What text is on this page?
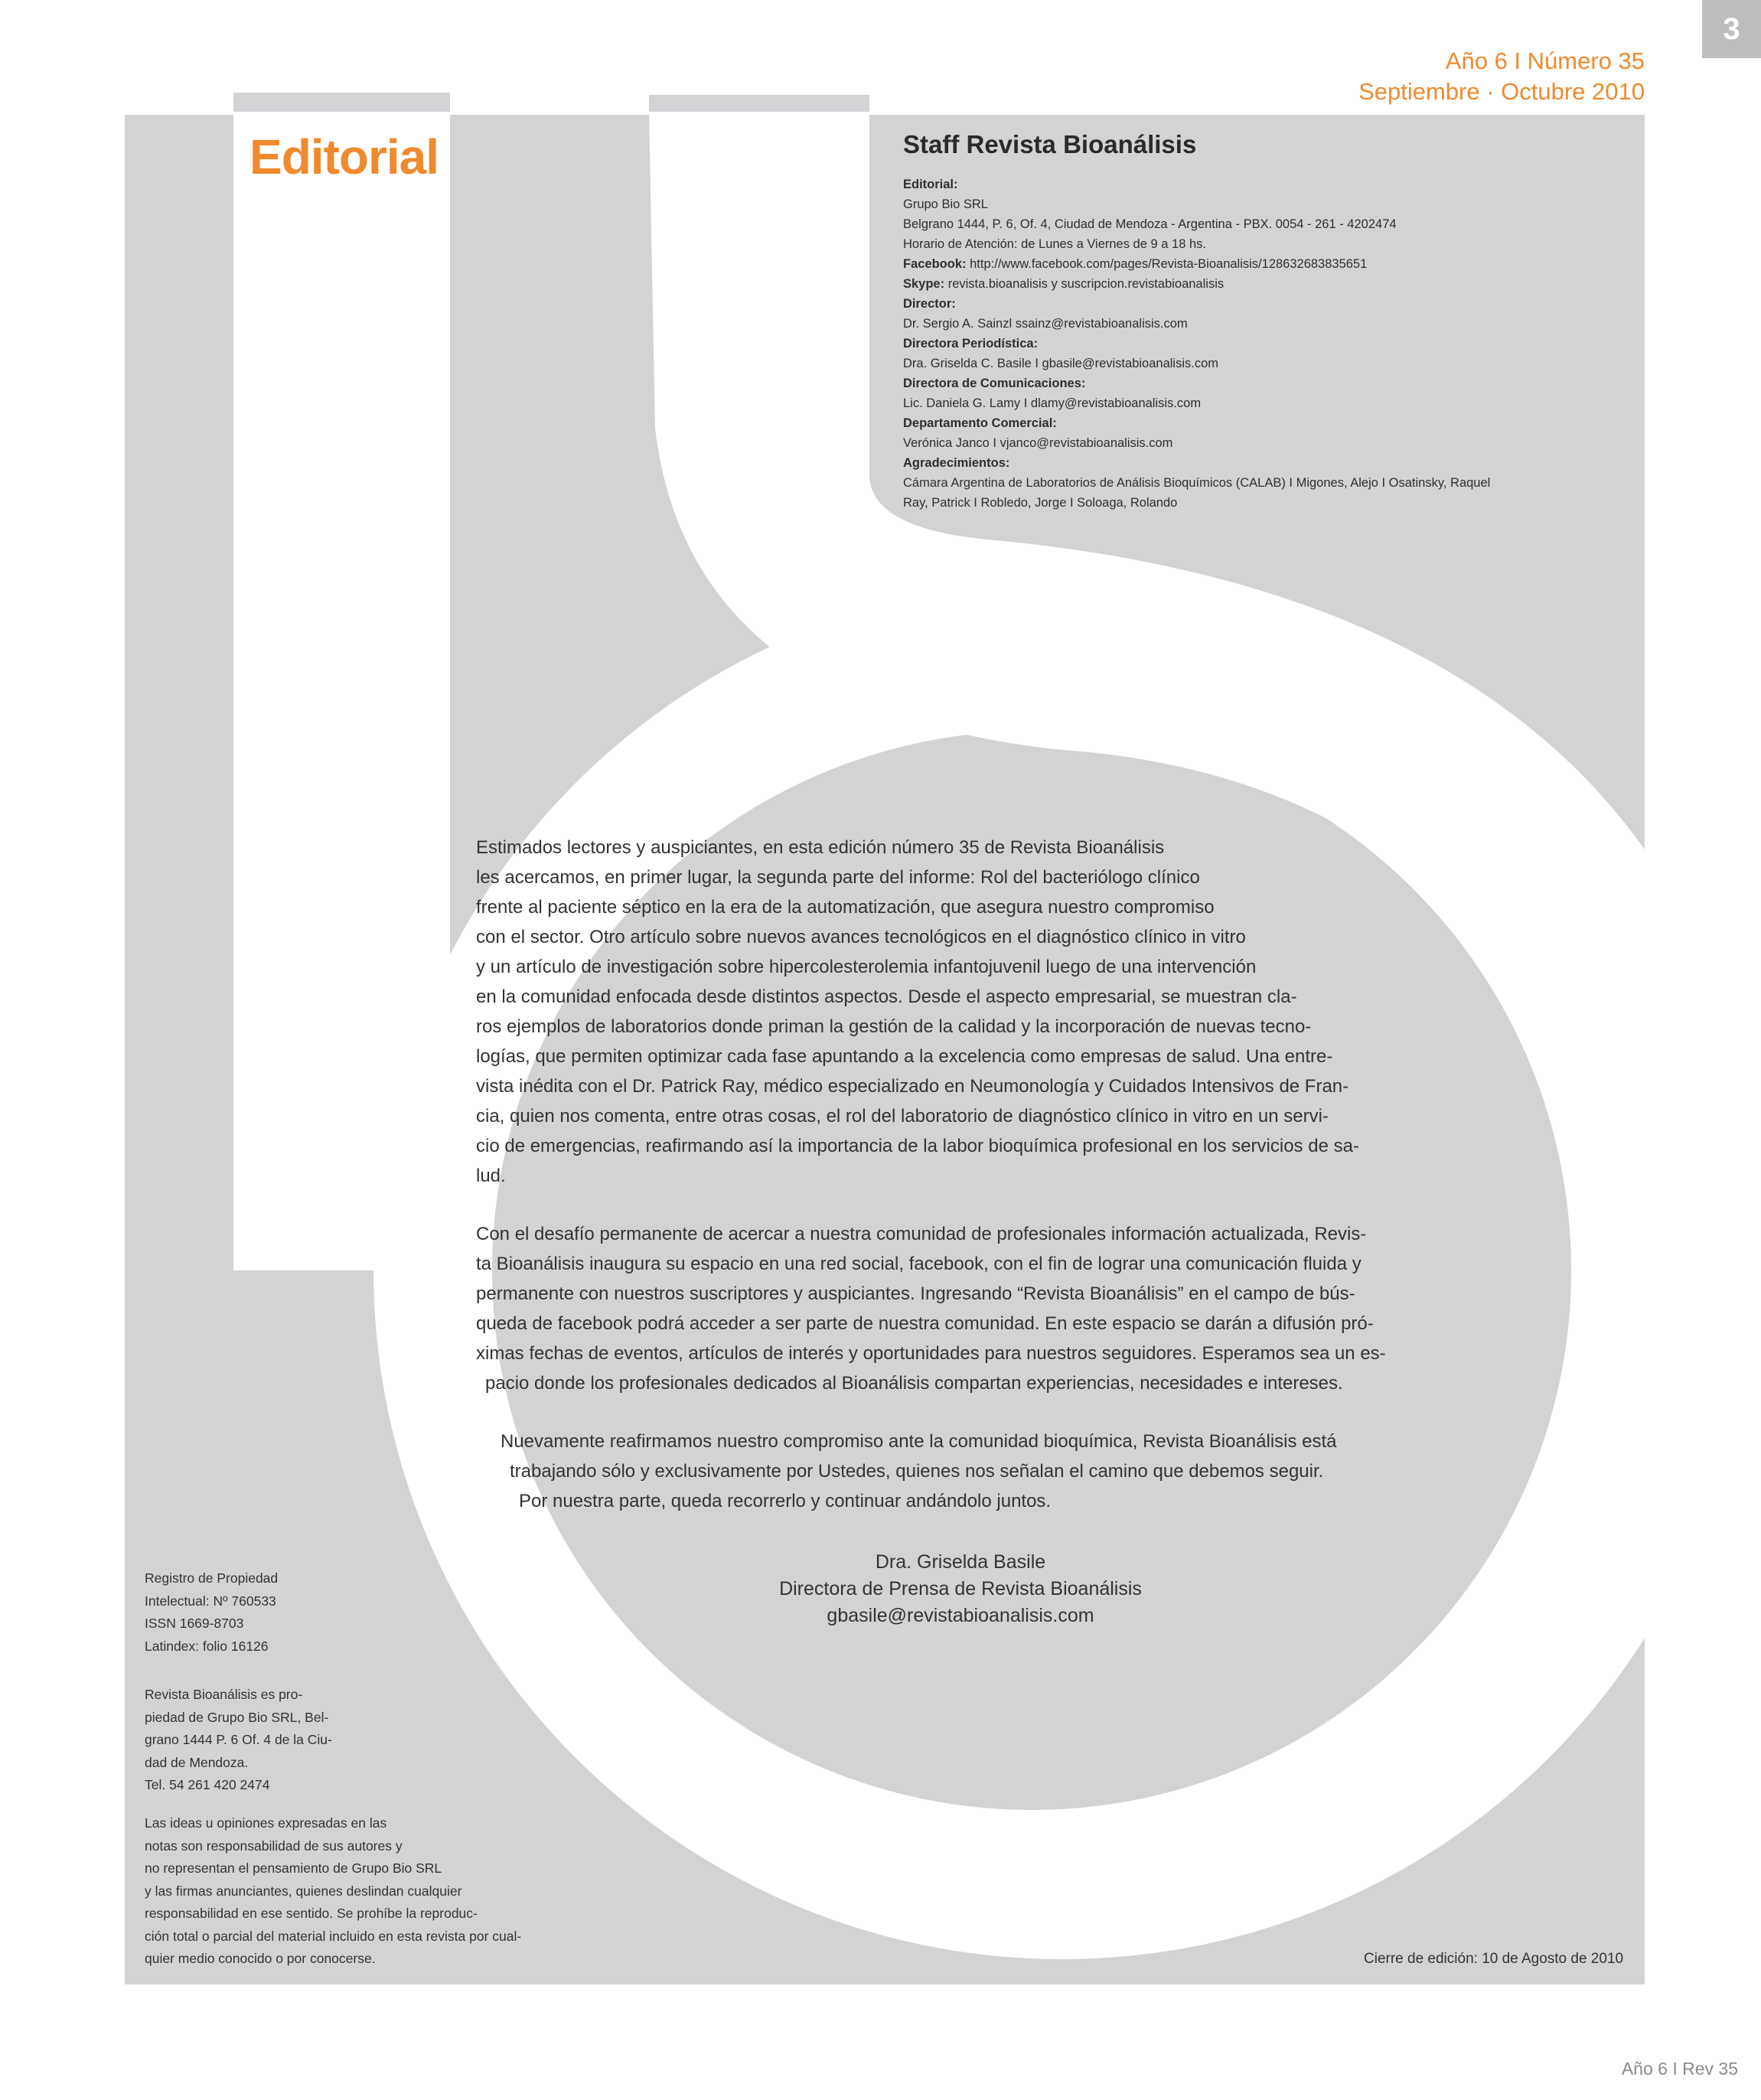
3
Año 6 I Número 35
Septiembre · Octubre 2010
Editorial	Staff Revista Bioanálisis
Editorial:
Grupo Bio SRL
Belgrano 1444, P. 6, Of. 4, Ciudad de Mendoza - Argentina - PBX. 0054 - 261 - 4202474
Horario de Atención: de Lunes a Viernes de 9 a 18 hs.
Facebook: http://www.facebook.com/pages/Revista-Bioanalisis/128632683835651
Skype: revista.bioanalisis y suscripcion.revistabioanalisis
Director:
Dr. Sergio A. Sainzl ssainz@revistabioanalisis.com
Directora Periodística:
Dra. Griselda C. Basile I gbasile@revistabioanalisis.com
Directora de Comunicaciones:
Lic. Daniela G. Lamy I dlamy@revistabioanalisis.com
Departamento Comercial:
Verónica Janco I vjanco@revistabioanalisis.com
Agradecimientos:
Cámara Argentina de Laboratorios de Análisis Bioquímicos (CALAB) I Migones, Alejo I Osatinsky, Raquel
Ray, Patrick I Robledo, Jorge I Soloaga, Rolando

Estimados lectores y auspiciantes, en esta edición número 35 de Revista Bioanálisis
les acercamos, en primer lugar, la segunda parte del informe: Rol del bacteriólogo clínico
frente al paciente séptico en la era de la automatización, que asegura nuestro compromiso
con el sector. Otro artículo sobre nuevos avances tecnológicos en el diagnóstico clínico in vitro
y un artículo de investigación sobre hipercolesterolemia infantojuvenil luego de una intervención
en la comunidad enfocada desde distintos aspectos. Desde el aspecto empresarial, se muestran cla-
ros ejemplos de laboratorios donde priman la gestión de la calidad y la incorporación de nuevas tecno-
logías, que permiten optimizar cada fase apuntando a la excelencia como empresas de salud. Una entre-
vista inédita con el Dr. Patrick Ray, médico especializado en Neumonología y Cuidados Intensivos de Fran-
cia, quien nos comenta, entre otras cosas, el rol del laboratorio de diagnóstico clínico in vitro en un servi-
cio de emergencias, reafirmando así la importancia de la labor bioquímica profesional en los servicios de sa-
lud.

Con el desafío permanente de acercar a nuestra comunidad de profesionales información actualizada, Revis-
ta Bioanálisis inaugura su espacio en una red social, facebook, con el fin de lograr una comunicación fluida y
permanente con nuestros suscriptores y auspiciantes. Ingresando “Revista Bioanálisis” en el campo de bús-
queda de facebook podrá acceder a ser parte de nuestra comunidad. En este espacio se darán a difusión pró-
ximas fechas de eventos, artículos de interés y oportunidades para nuestros seguidores. Esperamos sea un es-
pacio donde los profesionales dedicados al Bioanálisis compartan experiencias, necesidades e intereses.

Nuevamente reafirmamos nuestro compromiso ante la comunidad bioquímica, Revista Bioanálisis está
trabajando sólo y exclusivamente por Ustedes, quienes nos señalan el camino que debemos seguir.
Por nuestra parte, queda recorrerlo y continuar andándolo juntos.

Dra. Griselda Basile
Directora de Prensa de Revista Bioanálisis
gbasile@revistabioanalisis.com
Registro de Propiedad
Intelectual: Nº 760533
ISSN 1669-8703
Latindex: folio 16126
Revista Bioanálisis es pro-
piedad de Grupo Bio SRL, Bel-
grano 1444 P. 6 Of. 4 de la Ciu-
dad de Mendoza.
Tel. 54 261 420 2474
Las ideas u opiniones expresadas en las
notas son responsabilidad de sus autores y
no representan el pensamiento de Grupo Bio SRL
y las firmas anunciantes, quienes deslindan cualquier
responsabilidad en ese sentido. Se prohíbe la reproduc-
ción total o parcial del material incluido en esta revista por cual-
quier medio conocido o por conocerse.	Cierre de edición: 10 de Agosto de 2010
Año 6 I Rev 35
